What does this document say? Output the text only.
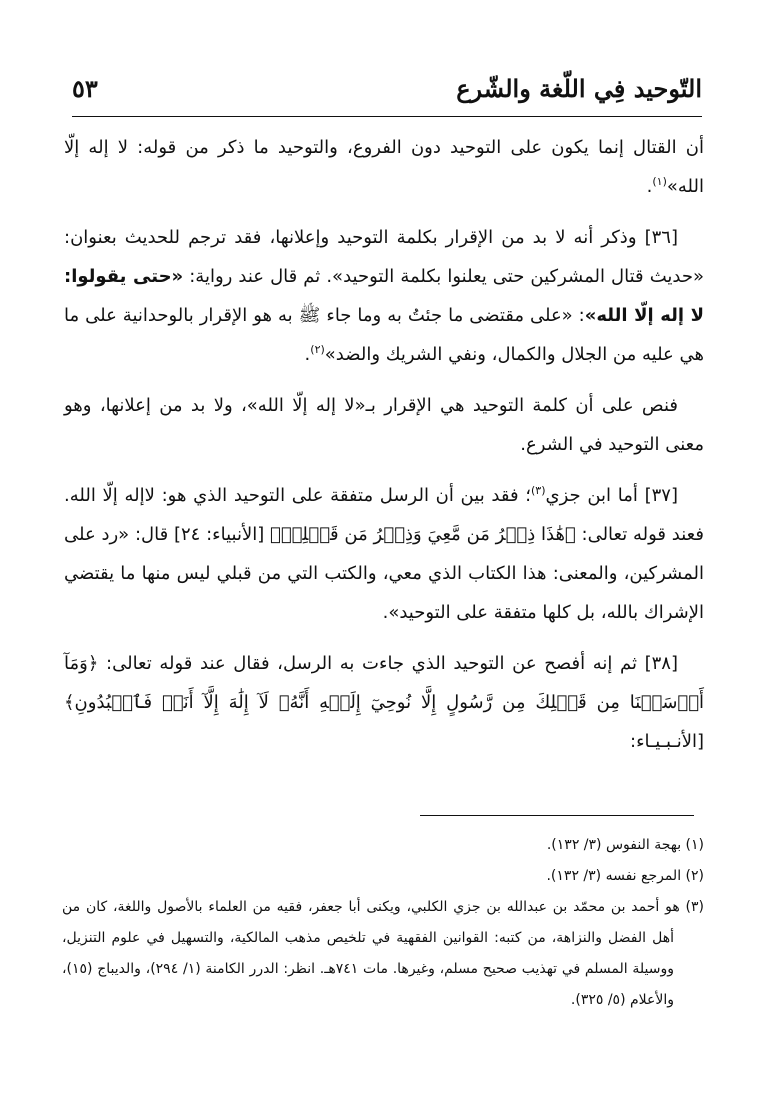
التّوحيد فِي اللّغة والشّرع
٥٣

أن القتال إنما يكون على التوحيد دون الفروع، والتوحيد ما ذكر من قوله: لا إله إلّا الله»$^{(١)}$.

[٣٦] وذكر أنه لا بد من الإقرار بكلمة التوحيد وإعلانها، فقد ترجم للحديث بعنوان: «حديث قتال المشركين حتى يعلنوا بكلمة التوحيد». ثم قال عند رواية: «حتى يقولوا: لا إله إلّا الله»: «على مقتضى ما جئتُ به وما جاء ﷺ به هو الإقرار بالوحدانية على ما هي عليه من الجلال والكمال، ونفي الشريك والضد»$^{(٢)}$.

فنص على أن كلمة التوحيد هي الإقرار بـ«لا إله إلّا الله»، ولا بد من إعلانها، وهو معنى التوحيد في الشرع.

[٣٧] أما ابن جزي$^{(٣)}$؛ فقد بين أن الرسل متفقة على التوحيد الذي هو: لاإله إلّا الله. فعند قوله تعالى: ﴿هَٰذَا ذِكۡرُ مَن مَّعِيَ وَذِكۡرُ مَن قَبۡلِيۚ﴾ [الأنبياء: ٢٤] قال: «رد على المشركين، والمعنى: هذا الكتاب الذي معي، والكتب التي من قبلي ليس منها ما يقتضي الإشراك بالله، بل كلها متفقة على التوحيد».

[٣٨] ثم إنه أفصح عن التوحيد الذي جاءت به الرسل، فقال عند قوله تعالى: ﴿وَمَآ أَرۡسَلۡنَا مِن قَبۡلِكَ مِن رَّسُولٍ إِلَّا نُوحِيٓ إِلَيۡهِ أَنَّهُۥ لَآ إِلَٰهَ إِلَّآ أَنَا۠ فَٱعۡبُدُونِ﴾ [الأنـبـيـاء:

(١) بهجة النفوس (٣/ ١٣٢).

(٢) المرجع نفسه (٣/ ١٣٢).

(٣) هو أحمد بن محمّد بن عبدالله بن جزي الكلبي، ويكنى أبا جعفر، فقيه من العلماء بالأصول واللغة، كان من أهل الفضل والنزاهة، من كتبه: القوانين الفقهية في تلخيص مذهب المالكية، والتسهيل في علوم التنزيل، ووسيلة المسلم في تهذيب صحيح مسلم، وغيرها. مات ٧٤١هـ. انظر: الدرر الكامنة (١/ ٢٩٤)، والديباج (١٥)، والأعلام (٥/ ٣٢٥).
